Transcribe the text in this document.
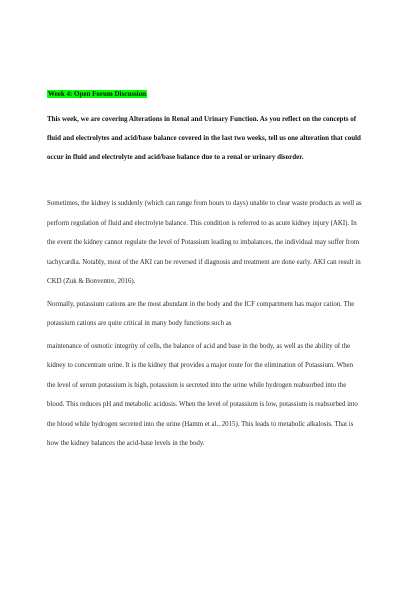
Week 4: Open Forum Discussion

This week, we are covering Alterations in Renal and Urinary Function. As you reflect on the concepts of fluid and electrolytes and acid/base balance covered in the last two weeks, tell us one alteration that could occur in fluid and electrolyte and acid/base balance due to a renal or urinary disorder.

Sometimes, the kidney is suddenly (which can range from hours to days) unable to clear waste products as well as perform regulation of fluid and electrolyte balance. This condition is referred to as acute kidney injury (AKI). In the event the kidney cannot regulate the level of Potassium leading to imbalances, the individual may suffer from tachycardia. Notably, most of the AKI can be reversed if diagnosis and treatment are done early. AKI can result in CKD (Zuk & Bonventre, 2016).

Normally, potassium cations are the most abundant in the body and the ICF compartment has major cation. The potassium cations are quite critical in many body functions such as
maintenance of osmotic integrity of cells, the balance of acid and base in the body, as well as the ability of the kidney to concentrate urine. It is the kidney that provides a major route for the elimination of Potassium. When the level of serum potassium is high, potassium is secreted into the urine while hydrogen reabsorbed into the blood. This reduces pH and metabolic acidosis. When the level of potassium is low, potassium is reabsorbed into the blood while hydrogen secreted into the urine (Hamm et al., 2015). This leads to metabolic alkalosis. That is how the kidney balances the acid-base levels in the body.
